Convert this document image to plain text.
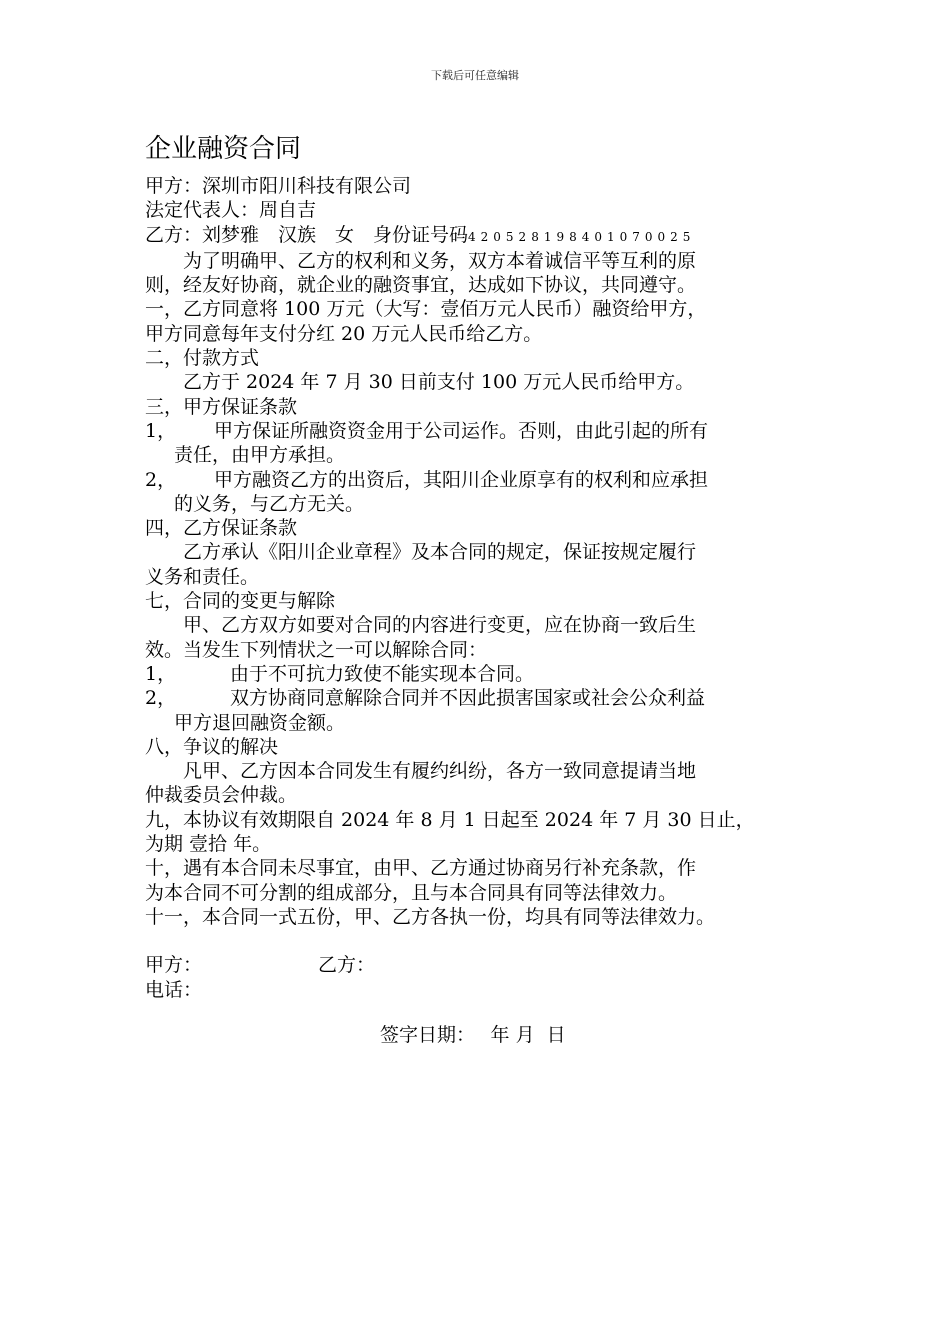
下载后可任意编辑
企业融资合同
甲方：深圳市阳川科技有限公司
法定代表人：周自吉
乙方：刘梦雅　汉族　女　身份证号码420528198401070025
为了明确甲、乙方的权利和义务，双方本着诚信平等互利的原
则，经友好协商，就企业的融资事宜，达成如下协议，共同遵守。
一，乙方同意将 100 万元（大写：壹佰万元人民币）融资给甲方，
甲方同意每年支付分红 20 万元人民币给乙方。
二，付款方式
乙方于 2024 年 7 月 30 日前支付 100 万元人民币给甲方。
三，甲方保证条款
1， 甲方保证所融资资金用于公司运作。否则，由此引起的所有
责任，由甲方承担。
2， 甲方融资乙方的出资后，其阳川企业原享有的权利和应承担
的义务，与乙方无关。
四，乙方保证条款
乙方承认《阳川企业章程》及本合同的规定，保证按规定履行
义务和责任。
七，合同的变更与解除
甲、乙方双方如要对合同的内容进行变更，应在协商一致后生
效。当发生下列情状之一可以解除合同：
1，	由于不可抗力致使不能实现本合同。
2，	双方协商同意解除合同并不因此损害国家或社会公众利益
甲方退回融资金额。
八，争议的解决
凡甲、乙方因本合同发生有履约纠纷，各方一致同意提请当地
仲裁委员会仲裁。
九，本协议有效期限自 2024 年 8 月 1 日起至 2024 年 7 月 30 日止，
为期 壹拾 年。
十，遇有本合同未尽事宜，由甲、乙方通过协商另行补充条款，作
为本合同不可分割的组成部分，且与本合同具有同等法律效力。
十一，本合同一式五份，甲、乙方各执一份，均具有同等法律效力。
甲方：	乙方：
电话：
签字日期：　 年 月  日
